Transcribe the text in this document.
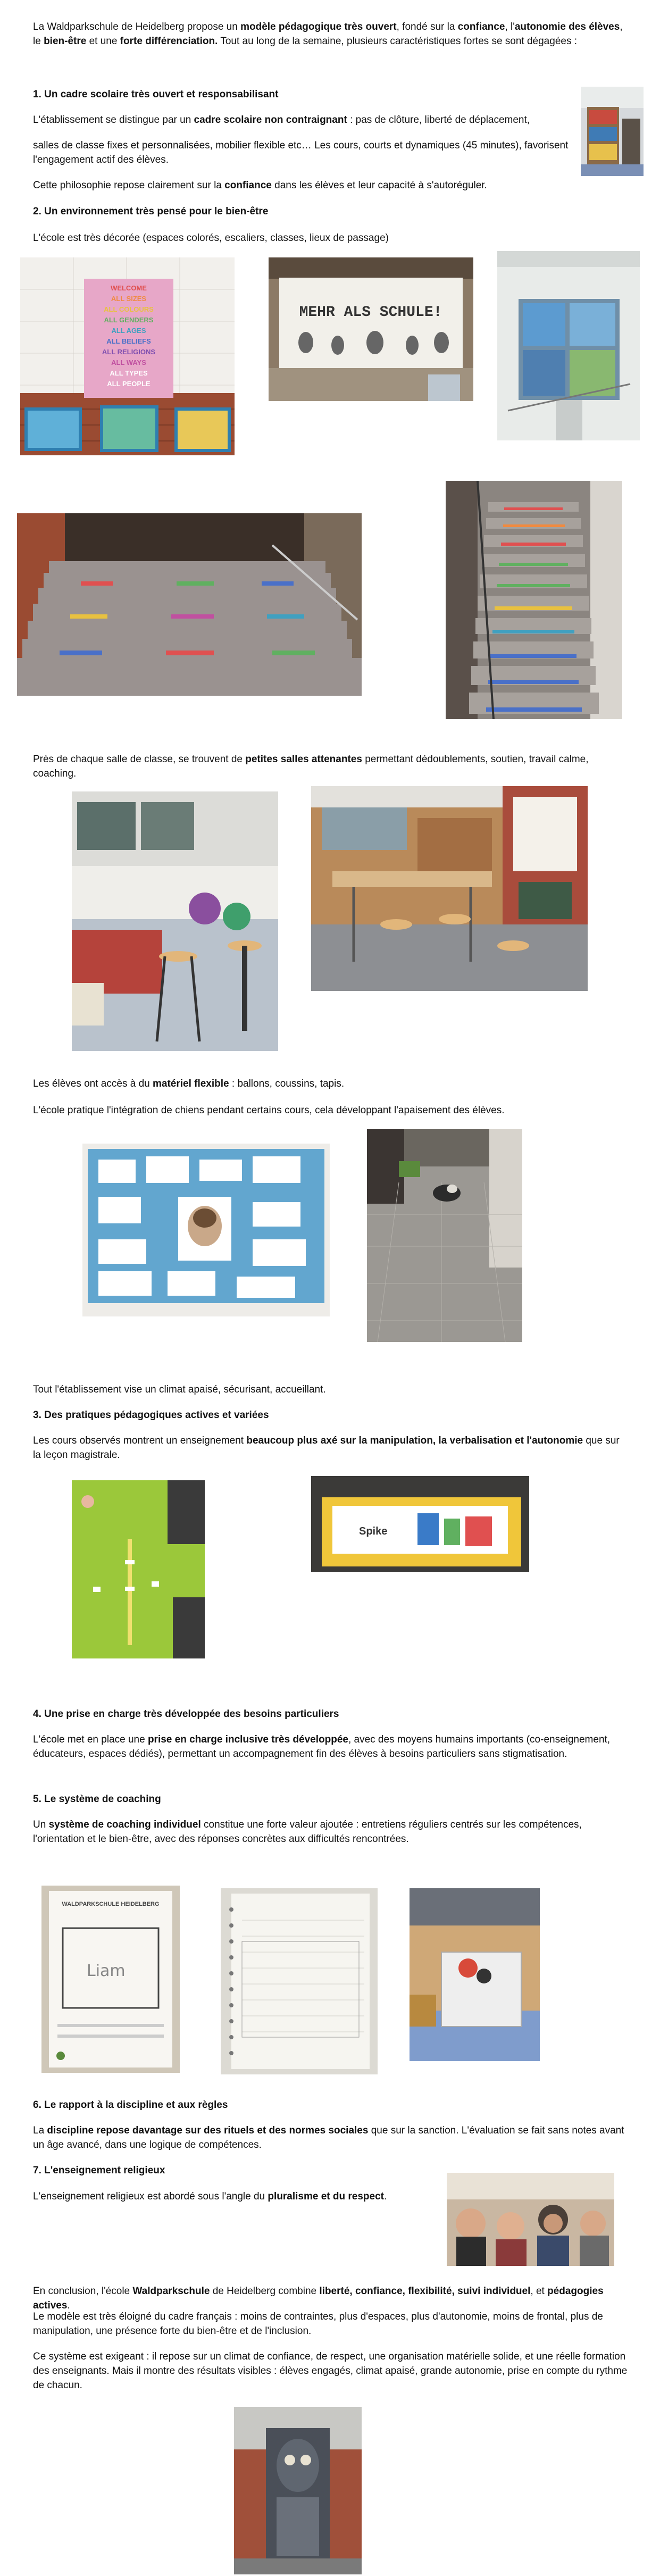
La Waldparkschule de Heidelberg propose un modèle pédagogique très ouvert, fondé sur la confiance, l'autonomie des élèves, le bien-être et une forte différenciation. Tout au long de la semaine, plusieurs caractéristiques fortes se sont dégagées :

1. Un cadre scolaire très ouvert et responsabilisant

L'établissement se distingue par un cadre scolaire non contraignant : pas de clôture, liberté de déplacement,

salles de classe fixes et personnalisées, mobilier flexible etc… Les cours, courts et dynamiques (45 minutes), favorisent l'engagement actif des élèves.

Cette philosophie repose clairement sur la confiance dans les élèves et leur capacité à s'autoréguler.

2. Un environnement très pensé pour le bien-être

L'école est très décorée (espaces colorés, escaliers, classes, lieux de passage)

WELCOME
ALL SIZES
ALL COLOURS
ALL GENDERS
ALL AGES
ALL BELIEFS
ALL RELIGIONS
ALL WAYS
ALL TYPES
ALL PEOPLE
MEHR ALS SCHULE!

Près de chaque salle de classe, se trouvent de petites salles attenantes permettant dédoublements, soutien, travail calme, coaching.

Les élèves ont accès à du matériel flexible : ballons, coussins, tapis.

L'école pratique l'intégration de chiens pendant certains cours, cela développant l'apaisement des élèves.

Tout l'établissement vise un climat apaisé, sécurisant, accueillant.

3. Des pratiques pédagogiques actives et variées

Les cours observés montrent un enseignement beaucoup plus axé sur la manipulation, la verbalisation et l'autonomie que sur la leçon magistrale.

Spike

4. Une prise en charge très développée des besoins particuliers

L'école met en place une prise en charge inclusive très développée, avec des moyens humains importants (co-enseignement, éducateurs, espaces dédiés), permettant un accompagnement fin des élèves à besoins particuliers sans stigmatisation.

5. Le système de coaching

Un système de coaching individuel constitue une forte valeur ajoutée : entretiens réguliers centrés sur les compétences, l'orientation et le bien-être, avec des réponses concrètes aux difficultés rencontrées.

WALDPARKSCHULE HEIDELBERG
Liam

6. Le rapport à la discipline et aux règles

La discipline repose davantage sur des rituels et des normes sociales que sur la sanction. L'évaluation se fait sans notes avant un âge avancé, dans une logique de compétences.

7. L'enseignement religieux

L'enseignement religieux est abordé sous l'angle du pluralisme et du respect.

En conclusion, l'école Waldparkschule de Heidelberg combine liberté, confiance, flexibilité, suivi individuel, et pédagogies actives.

Le modèle est très éloigné du cadre français : moins de contraintes, plus d'espaces, plus d'autonomie, moins de frontal, plus de manipulation, une présence forte du bien-être et de l'inclusion.

Ce système est exigeant : il repose sur un climat de confiance, de respect, une organisation matérielle solide, et une réelle formation des enseignants. Mais il montre des résultats visibles : élèves engagés, climat apaisé, grande autonomie, prise en compte du rythme de chacun.
